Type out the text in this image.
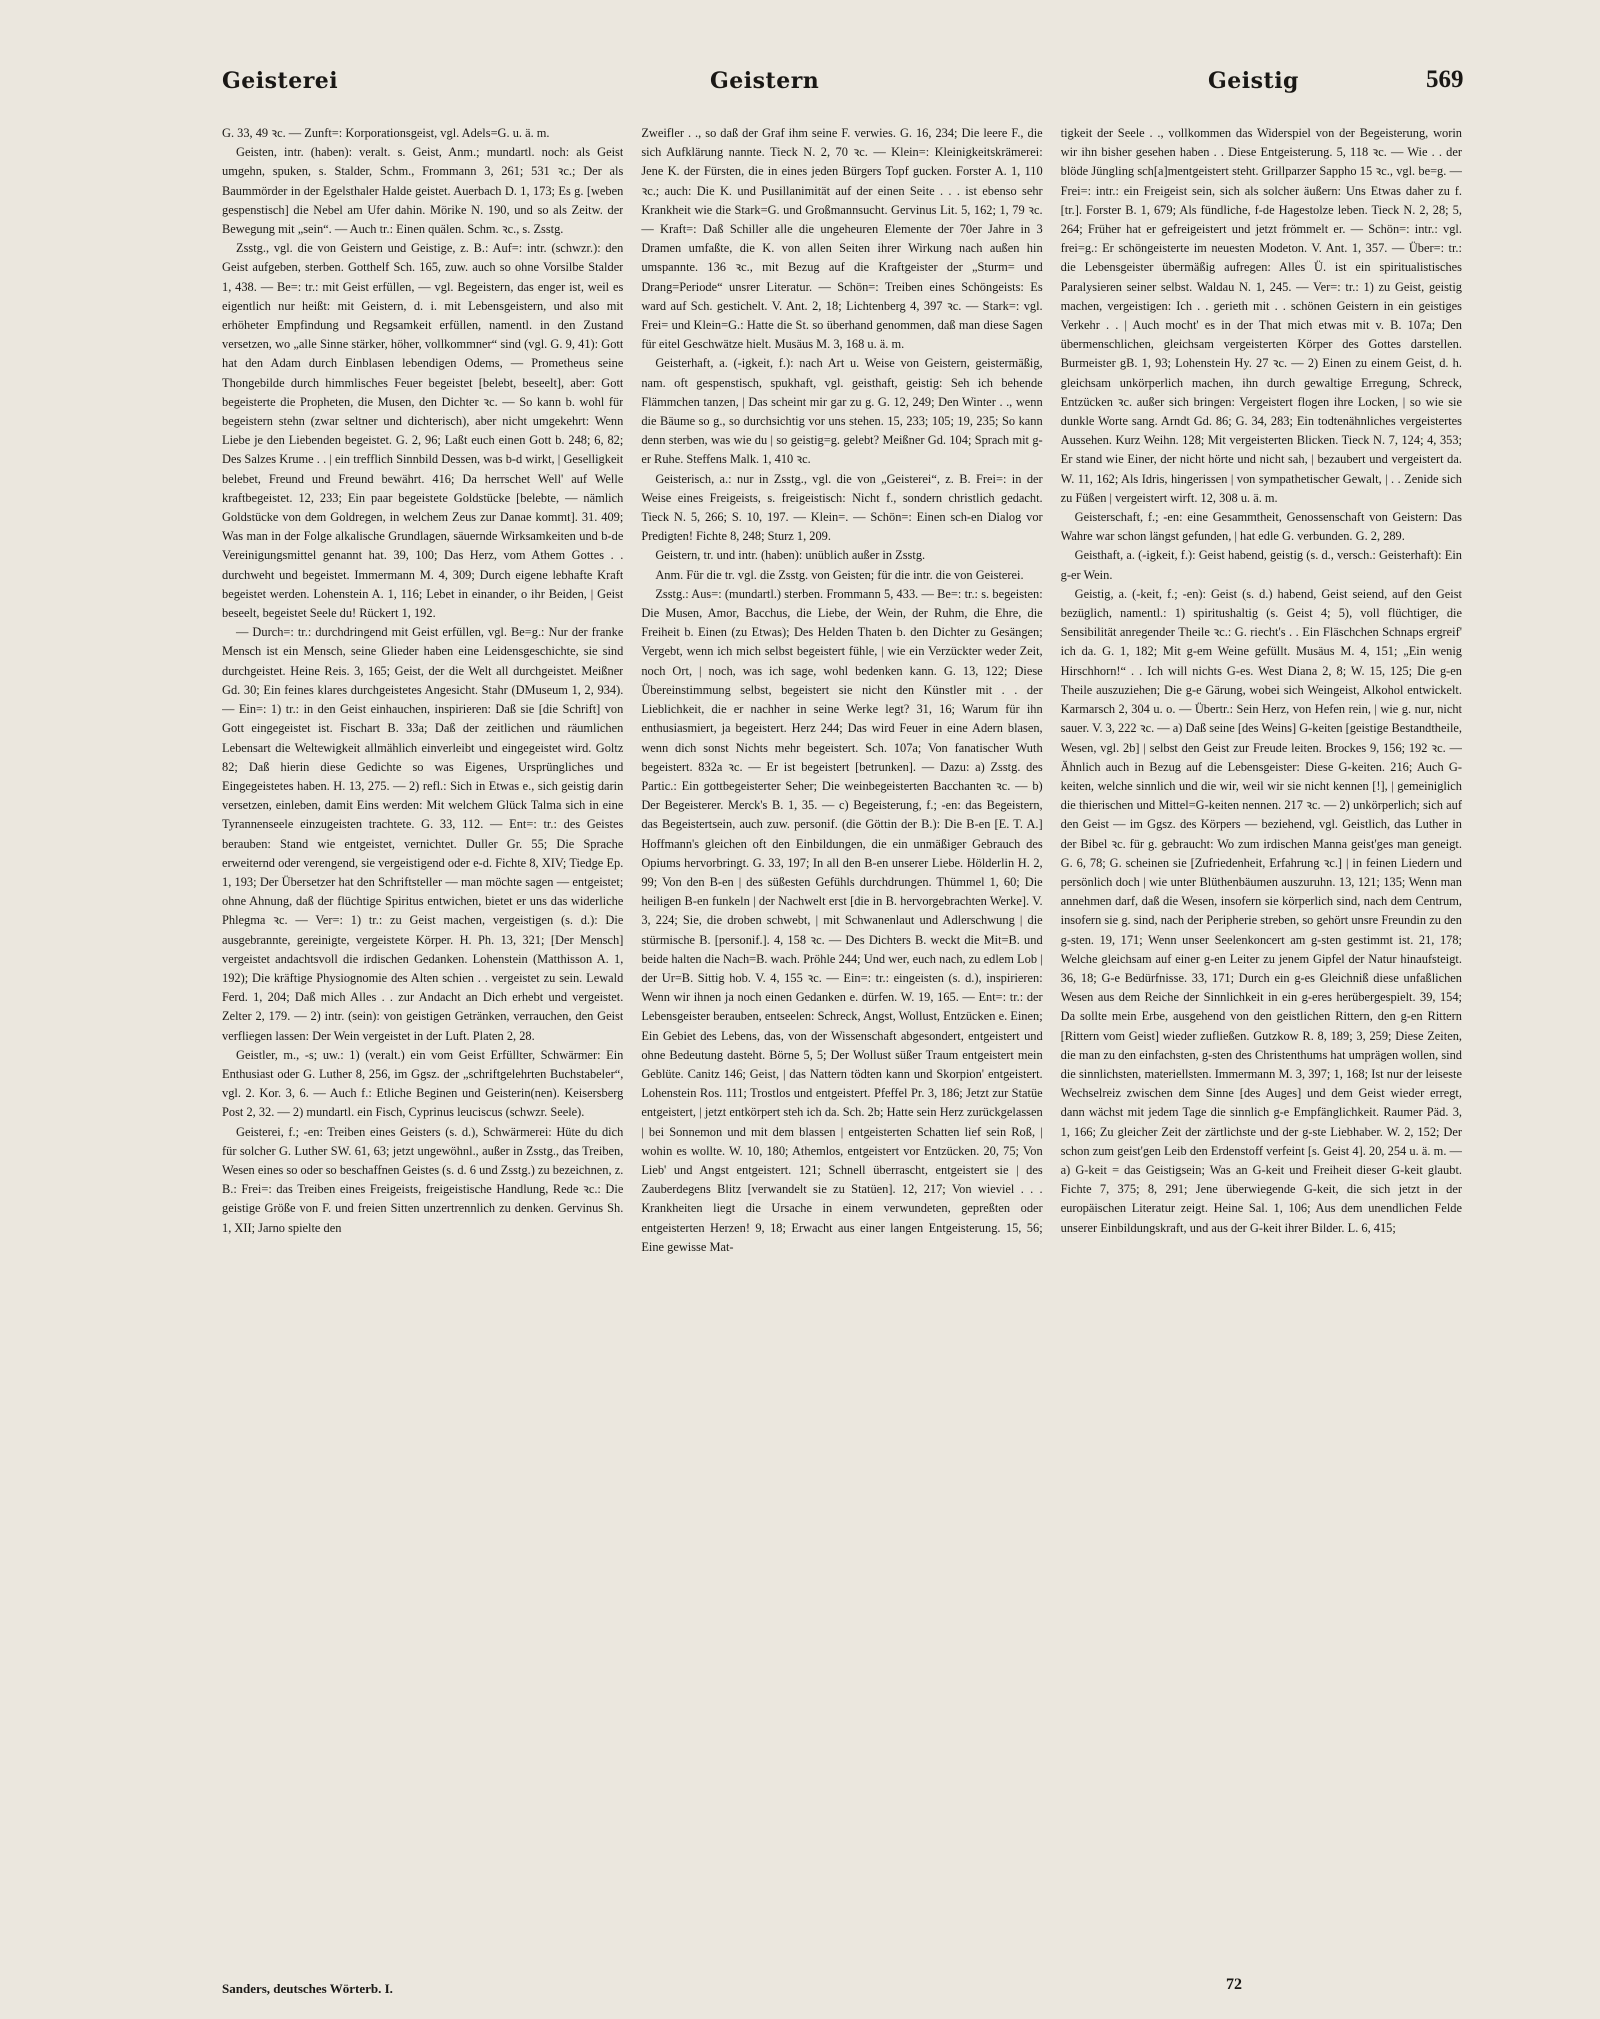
Geisterei	Geistern	Geistig	569

G. 33, 49 ꝛc. — Zunft=: Korporationsgeist, vgl. Adels=G. u. ä. m.

Geisten, intr. (haben): veralt. s. Geist, Anm.; mundartl. noch: als Geist umgehn, spuken, s. Stalder, Schm., Frommann 3, 261; 531 ꝛc.; Der als Baummörder in der Egelsthaler Halde geistet. Auerbach D. 1, 173; Es g. [weben gespenstisch] die Nebel am Ufer dahin. Mörike N. 190, und so als Zeitw. der Bewegung mit „sein“. — Auch tr.: Einen quälen. Schm. ꝛc., s. Zsstg.

Zsstg., vgl. die von Geistern und Geistige, z. B.: Auf=: intr. (schwzr.): den Geist aufgeben, sterben. Gotthelf Sch. 165, zuw. auch so ohne Vorsilbe Stalder 1, 438. — Be=: tr.: mit Geist erfüllen, — vgl. Begeistern, das enger ist, weil es eigentlich nur heißt: mit Geistern, d. i. mit Lebensgeistern, und also mit erhöheter Empfindung und Regsamkeit erfüllen, namentl. in den Zustand versetzen, wo „alle Sinne stärker, höher, vollkommner“ sind (vgl. G. 9, 41): Gott hat den Adam durch Einblasen lebendigen Odems, — Prometheus seine Thongebilde durch himmlisches Feuer begeistet [belebt, beseelt], aber: Gott begeisterte die Propheten, die Musen, den Dichter ꝛc. — So kann b. wohl für begeistern stehn (zwar seltner und dichterisch), aber nicht umgekehrt: Wenn Liebe je den Liebenden begeistet. G. 2, 96; Laßt euch einen Gott b. 248; 6, 82; Des Salzes Krume . . | ein trefflich Sinnbild Dessen, was b-d wirkt, | Geselligkeit belebet, Freund und Freund bewährt. 416; Da herrschet Well' auf Welle kraftbegeistet. 12, 233; Ein paar begeistete Goldstücke [belebte, — nämlich Goldstücke von dem Goldregen, in welchem Zeus zur Danae kommt]. 31. 409; Was man in der Folge alkalische Grundlagen, säuernde Wirksamkeiten und b-de Vereinigungsmittel genannt hat. 39, 100; Das Herz, vom Athem Gottes . . durchweht und begeistet. Immermann M. 4, 309; Durch eigene lebhafte Kraft begeistet werden. Lohenstein A. 1, 116; Lebet in einander, o ihr Beiden, | Geist beseelt, begeistet Seele du! Rückert 1, 192.

— Durch=: tr.: durchdringend mit Geist erfüllen, vgl. Be=g.: Nur der franke Mensch ist ein Mensch, seine Glieder haben eine Leidensgeschichte, sie sind durchgeistet. Heine Reis. 3, 165; Geist, der die Welt all durchgeistet. Meißner Gd. 30; Ein feines klares durchgeistetes Angesicht. Stahr (DMuseum 1, 2, 934). — Ein=: 1) tr.: in den Geist einhauchen, inspirieren: Daß sie [die Schrift] von Gott eingegeistet ist. Fischart B. 33a; Daß der zeitlichen und räumlichen Lebensart die Weltewigkeit allmählich einverleibt und eingegeistet wird. Goltz 82; Daß hierin diese Gedichte so was Eigenes, Ursprüngliches und Eingegeistetes haben. H. 13, 275. — 2) refl.: Sich in Etwas e., sich geistig darin versetzen, einleben, damit Eins werden: Mit welchem Glück Talma sich in eine Tyrannenseele einzugeisten trachtete. G. 33, 112. — Ent=: tr.: des Geistes berauben: Stand wie entgeistet, vernichtet. Duller Gr. 55; Die Sprache erweiternd oder verengend, sie vergeistigend oder e-d. Fichte 8, XIV; Tiedge Ep. 1, 193; Der Übersetzer hat den Schriftsteller — man möchte sagen — entgeistet; ohne Ahnung, daß der flüchtige Spiritus entwichen, bietet er uns das widerliche Phlegma ꝛc. — Ver=: 1) tr.: zu Geist machen, vergeistigen (s. d.): Die ausgebrannte, gereinigte, vergeistete Körper. H. Ph. 13, 321; [Der Mensch] vergeistet andachtsvoll die irdischen Gedanken. Lohenstein (Matthisson A. 1, 192); Die kräftige Physiognomie des Alten schien . . vergeistet zu sein. Lewald Ferd. 1, 204; Daß mich Alles . . zur Andacht an Dich erhebt und vergeistet. Zelter 2, 179. — 2) intr. (sein): von geistigen Getränken, verrauchen, den Geist verfliegen lassen: Der Wein vergeistet in der Luft. Platen 2, 28.

Geistler, m., -s; uw.: 1) (veralt.) ein vom Geist Erfüllter, Schwärmer: Ein Enthusiast oder G. Luther 8, 256, im Ggsz. der „schriftgelehrten Buchstabeler“, vgl. 2. Kor. 3, 6. — Auch f.: Etliche Beginen und Geisterin(nen). Keisersberg Post 2, 32. — 2) mundartl. ein Fisch, Cyprinus leuciscus (schwzr. Seele).

Geisterei, f.; -en: Treiben eines Geisters (s. d.), Schwärmerei: Hüte du dich für solcher G. Luther SW. 61, 63; jetzt ungewöhnl., außer in Zsstg., das Treiben, Wesen eines so oder so beschaffnen Geistes (s. d. 6 und Zsstg.) zu bezeichnen, z. B.: Frei=: das Treiben eines Freigeists, freigeistische Handlung, Rede ꝛc.: Die geistige Größe von F. und freien Sitten unzertrennlich zu denken. Gervinus Sh. 1, XII; Jarno spielte den

Zweifler . ., so daß der Graf ihm seine F. verwies. G. 16, 234; Die leere F., die sich Aufklärung nannte. Tieck N. 2, 70 ꝛc. — Klein=: Kleinigkeitskrämerei: Jene K. der Fürsten, die in eines jeden Bürgers Topf gucken. Forster A. 1, 110 ꝛc.; auch: Die K. und Pusillanimität auf der einen Seite . . . ist ebenso sehr Krankheit wie die Stark=G. und Großmannsucht. Gervinus Lit. 5, 162; 1, 79 ꝛc. — Kraft=: Daß Schiller alle die ungeheuren Elemente der 70er Jahre in 3 Dramen umfaßte, die K. von allen Seiten ihrer Wirkung nach außen hin umspannte. 136 ꝛc., mit Bezug auf die Kraftgeister der „Sturm= und Drang=Periode“ unsrer Literatur. — Schön=: Treiben eines Schöngeists: Es ward auf Sch. gestichelt. V. Ant. 2, 18; Lichtenberg 4, 397 ꝛc. — Stark=: vgl. Frei= und Klein=G.: Hatte die St. so überhand genommen, daß man diese Sagen für eitel Geschwätze hielt. Musäus M. 3, 168 u. ä. m.

Geisterhaft, a. (-igkeit, f.): nach Art u. Weise von Geistern, geistermäßig, nam. oft gespenstisch, spukhaft, vgl. geisthaft, geistig: Seh ich behende Flämmchen tanzen, | Das scheint mir gar zu g. G. 12, 249; Den Winter . ., wenn die Bäume so g., so durchsichtig vor uns stehen. 15, 233; 105; 19, 235; So kann denn sterben, was wie du | so geistig=g. gelebt? Meißner Gd. 104; Sprach mit g-er Ruhe. Steffens Malk. 1, 410 ꝛc.

Geisterisch, a.: nur in Zsstg., vgl. die von „Geisterei“, z. B. Frei=: in der Weise eines Freigeists, s. freigeistisch: Nicht f., sondern christlich gedacht. Tieck N. 5, 266; S. 10, 197. — Klein=. — Schön=: Einen sch-en Dialog vor Predigten! Fichte 8, 248; Sturz 1, 209.

Geistern, tr. und intr. (haben): unüblich außer in Zsstg.

Anm. Für die tr. vgl. die Zsstg. von Geisten; für die intr. die von Geisterei.

Zsstg.: Aus=: (mundartl.) sterben. Frommann 5, 433. — Be=: tr.: s. begeisten: Die Musen, Amor, Bacchus, die Liebe, der Wein, der Ruhm, die Ehre, die Freiheit b. Einen (zu Etwas); Des Helden Thaten b. den Dichter zu Gesängen; Vergebt, wenn ich mich selbst begeistert fühle, | wie ein Verzückter weder Zeit, noch Ort, | noch, was ich sage, wohl bedenken kann. G. 13, 122; Diese Übereinstimmung selbst, begeistert sie nicht den Künstler mit . . der Lieblichkeit, die er nachher in seine Werke legt? 31, 16; Warum für ihn enthusiasmiert, ja begeistert. Herz 244; Das wird Feuer in eine Adern blasen, wenn dich sonst Nichts mehr begeistert. Sch. 107a; Von fanatischer Wuth begeistert. 832a ꝛc. — Er ist begeistert [betrunken]. — Dazu: a) Zsstg. des Partic.: Ein gottbegeisterter Seher; Die weinbegeisterten Bacchanten ꝛc. — b) Der Begeisterer. Merck's B. 1, 35. — c) Begeisterung, f.; -en: das Begeistern, das Begeistertsein, auch zuw. personif. (die Göttin der B.): Die B-en [E. T. A.] Hoffmann's gleichen oft den Einbildungen, die ein unmäßiger Gebrauch des Opiums hervorbringt. G. 33, 197; In all den B-en unserer Liebe. Hölderlin H. 2, 99; Von den B-en | des süßesten Gefühls durchdrungen. Thümmel 1, 60; Die heiligen B-en funkeln | der Nachwelt erst [die in B. hervorgebrachten Werke]. V. 3, 224; Sie, die droben schwebt, | mit Schwanenlaut und Adlerschwung | die stürmische B. [personif.]. 4, 158 ꝛc. — Des Dichters B. weckt die Mit=B. und beide halten die Nach=B. wach. Pröhle 244; Und wer, euch nach, zu edlem Lob | der Ur=B. Sittig hob. V. 4, 155 ꝛc. — Ein=: tr.: eingeisten (s. d.), inspirieren: Wenn wir ihnen ja noch einen Gedanken e. dürfen. W. 19, 165. — Ent=: tr.: der Lebensgeister berauben, entseelen: Schreck, Angst, Wollust, Entzücken e. Einen; Ein Gebiet des Lebens, das, von der Wissenschaft abgesondert, entgeistert und ohne Bedeutung dasteht. Börne 5, 5; Der Wollust süßer Traum entgeistert mein Geblüte. Canitz 146; Geist, | das Nattern tödten kann und Skorpion' entgeistert. Lohenstein Ros. 111; Trostlos und entgeistert. Pfeffel Pr. 3, 186; Jetzt zur Statüe entgeistert, | jetzt entkörpert steh ich da. Sch. 2b; Hatte sein Herz zurückgelassen | bei Sonnemon und mit dem blassen | entgeisterten Schatten lief sein Roß, | wohin es wollte. W. 10, 180; Athemlos, entgeistert vor Entzücken. 20, 75; Von Lieb' und Angst entgeistert. 121; Schnell überrascht, entgeistert sie | des Zauberdegens Blitz [verwandelt sie zu Statüen]. 12, 217; Von wieviel . . . Krankheiten liegt die Ursache in einem verwundeten, gepreßten oder entgeisterten Herzen! 9, 18; Erwacht aus einer langen Entgeisterung. 15, 56; Eine gewisse Mat-

tigkeit der Seele . ., vollkommen das Widerspiel von der Begeisterung, worin wir ihn bisher gesehen haben . . Diese Entgeisterung. 5, 118 ꝛc. — Wie . . der blöde Jüngling sch[a]mentgeistert steht. Grillparzer Sappho 15 ꝛc., vgl. be=g. — Frei=: intr.: ein Freigeist sein, sich als solcher äußern: Uns Etwas daher zu f. [tr.]. Forster B. 1, 679; Als fündliche, f-de Hagestolze leben. Tieck N. 2, 28; 5, 264; Früher hat er gefreigeistert und jetzt frömmelt er. — Schön=: intr.: vgl. frei=g.: Er schöngeisterte im neuesten Modeton. V. Ant. 1, 357. — Über=: tr.: die Lebensgeister übermäßig aufregen: Alles Ü. ist ein spiritualistisches Paralysieren seiner selbst. Waldau N. 1, 245. — Ver=: tr.: 1) zu Geist, geistig machen, vergeistigen: Ich . . gerieth mit . . schönen Geistern in ein geistiges Verkehr . . | Auch mocht' es in der That mich etwas mit v. B. 107a; Den übermenschlichen, gleichsam vergeisterten Körper des Gottes darstellen. Burmeister gB. 1, 93; Lohenstein Hy. 27 ꝛc. — 2) Einen zu einem Geist, d. h. gleichsam unkörperlich machen, ihn durch gewaltige Erregung, Schreck, Entzücken ꝛc. außer sich bringen: Vergeistert flogen ihre Locken, | so wie sie dunkle Worte sang. Arndt Gd. 86; G. 34, 283; Ein todtenähnliches vergeistertes Aussehen. Kurz Weihn. 128; Mit vergeisterten Blicken. Tieck N. 7, 124; 4, 353; Er stand wie Einer, der nicht hörte und nicht sah, | bezaubert und vergeistert da. W. 11, 162; Als Idris, hingerissen | von sympathetischer Gewalt, | . . Zenide sich zu Füßen | vergeistert wirft. 12, 308 u. ä. m.

Geisterschaft, f.; -en: eine Gesammtheit, Genossenschaft von Geistern: Das Wahre war schon längst gefunden, | hat edle G. verbunden. G. 2, 289.

Geisthaft, a. (-igkeit, f.): Geist habend, geistig (s. d., versch.: Geisterhaft): Ein g-er Wein.

Geistig, a. (-keit, f.; -en): Geist (s. d.) habend, Geist seiend, auf den Geist bezüglich, namentl.: 1) spiritushaltig (s. Geist 4; 5), voll flüchtiger, die Sensibilität anregender Theile ꝛc.: G. riecht's . . Ein Fläschchen Schnaps ergreif' ich da. G. 1, 182; Mit g-em Weine gefüllt. Musäus M. 4, 151; „Ein wenig Hirschhorn!“ . . Ich will nichts G-es. West Diana 2, 8; W. 15, 125; Die g-en Theile auszuziehen; Die g-e Gärung, wobei sich Weingeist, Alkohol entwickelt. Karmarsch 2, 304 u. o. — Übertr.: Sein Herz, von Hefen rein, | wie g. nur, nicht sauer. V. 3, 222 ꝛc. — a) Daß seine [des Weins] G-keiten [geistige Bestandtheile, Wesen, vgl. 2b] | selbst den Geist zur Freude leiten. Brockes 9, 156; 192 ꝛc. — Ähnlich auch in Bezug auf die Lebensgeister: Diese G-keiten. 216; Auch G-keiten, welche sinnlich und die wir, weil wir sie nicht kennen [!], | gemeiniglich die thierischen und Mittel=G-keiten nennen. 217 ꝛc. — 2) unkörperlich; sich auf den Geist — im Ggsz. des Körpers — beziehend, vgl. Geistlich, das Luther in der Bibel ꝛc. für g. gebraucht: Wo zum irdischen Manna geist'ges man geneigt. G. 6, 78; G. scheinen sie [Zufriedenheit, Erfahrung ꝛc.] | in feinen Liedern und persönlich doch | wie unter Blüthenbäumen auszuruhn. 13, 121; 135; Wenn man annehmen darf, daß die Wesen, insofern sie körperlich sind, nach dem Centrum, insofern sie g. sind, nach der Peripherie streben, so gehört unsre Freundin zu den g-sten. 19, 171; Wenn unser Seelenkoncert am g-sten gestimmt ist. 21, 178; Welche gleichsam auf einer g-en Leiter zu jenem Gipfel der Natur hinaufsteigt. 36, 18; G-e Bedürfnisse. 33, 171; Durch ein g-es Gleichniß diese unfaßlichen Wesen aus dem Reiche der Sinnlichkeit in ein g-eres herübergespielt. 39, 154; Da sollte mein Erbe, ausgehend von den geistlichen Rittern, den g-en Rittern [Rittern vom Geist] wieder zufließen. Gutzkow R. 8, 189; 3, 259; Diese Zeiten, die man zu den einfachsten, g-sten des Christenthums hat umprägen wollen, sind die sinnlichsten, materiellsten. Immermann M. 3, 397; 1, 168; Ist nur der leiseste Wechselreiz zwischen dem Sinne [des Auges] und dem Geist wieder erregt, dann wächst mit jedem Tage die sinnlich g-e Empfänglichkeit. Raumer Päd. 3, 1, 166; Zu gleicher Zeit der zärtlichste und der g-ste Liebhaber. W. 2, 152; Der schon zum geist'gen Leib den Erdenstoff verfeint [s. Geist 4]. 20, 254 u. ä. m. — a) G-keit = das Geistigsein; Was an G-keit und Freiheit dieser G-keit glaubt. Fichte 7, 375; 8, 291; Jene überwiegende G-keit, die sich jetzt in der europäischen Literatur zeigt. Heine Sal. 1, 106; Aus dem unendlichen Felde unserer Einbildungskraft, und aus der G-keit ihrer Bilder. L. 6, 415;

Sanders, deutsches Wörterb. I.	72
